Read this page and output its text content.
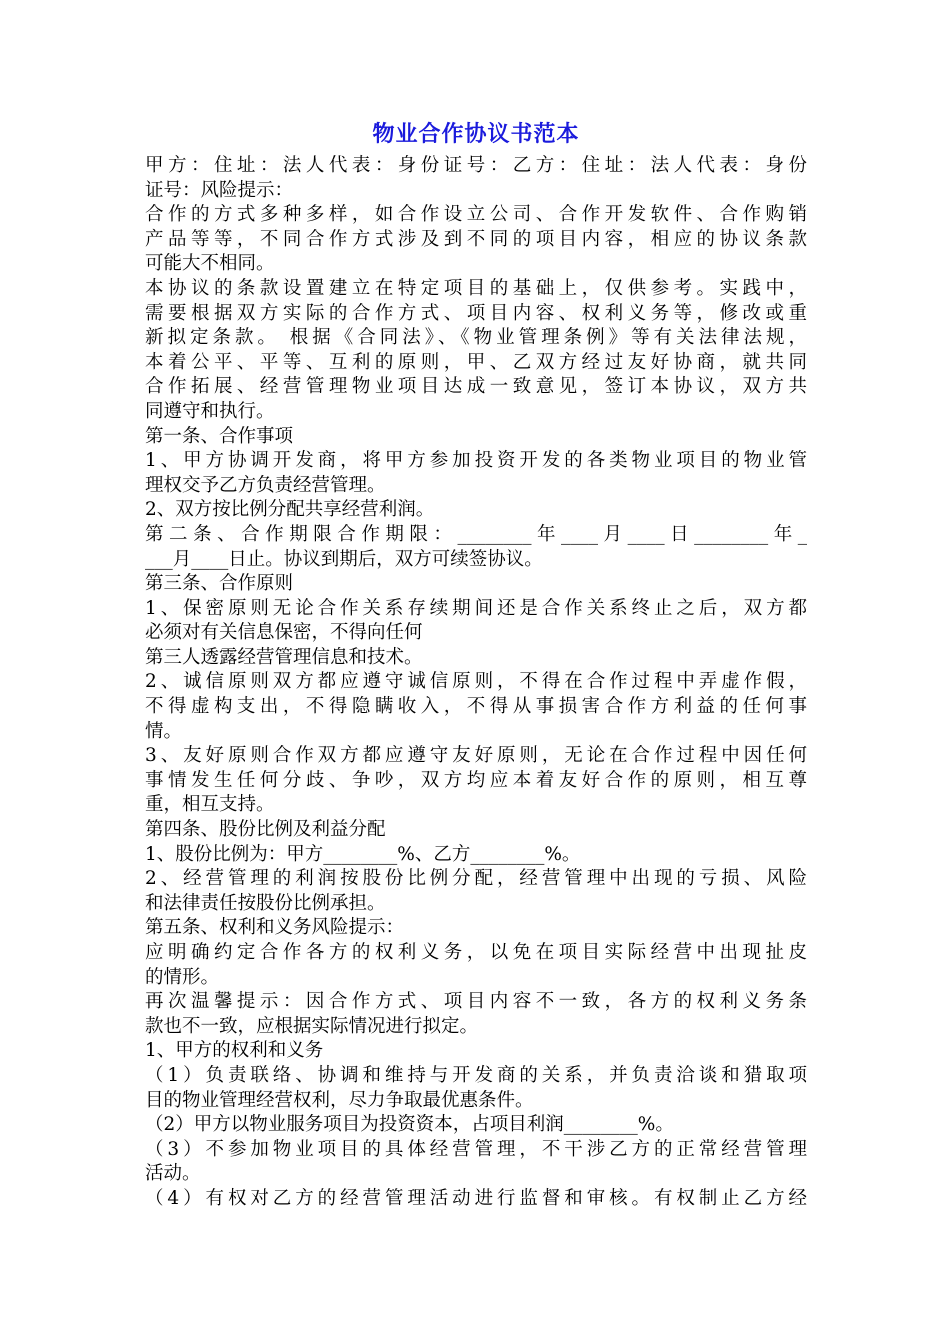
物业合作协议书范本
甲方：住址：法人代表：身份证号：乙方：住址：法人代表：身份
证号：风险提示：
合作的方式多种多样，如合作设立公司、合作开发软件、合作购销
产品等等，不同合作方式涉及到不同的项目内容，相应的协议条款
可能大不相同。
本协议的条款设置建立在特定项目的基础上，仅供参考。实践中，
需要根据双方实际的合作方式、项目内容、权利义务等，修改或重
新拟定条款。 根据《合同法》、《物业管理条例》等有关法律法规，
本着公平、平等、互利的原则，甲、乙双方经过友好协商，就共同
合作拓展、经营管理物业项目达成一致意见，签订本协议，双方共
同遵守和执行。
第一条、合作事项
1、甲方协调开发商，将甲方参加投资开发的各类物业项目的物业管
理权交予乙方负责经营管理。
2、双方按比例分配共享经营利润。
第二条、合作期限合作期限：________年____月____日________年_
___月____日止。协议到期后，双方可续签协议。
第三条、合作原则
1、保密原则无论合作关系存续期间还是合作关系终止之后，双方都
必须对有关信息保密，不得向任何
第三人透露经营管理信息和技术。
2、诚信原则双方都应遵守诚信原则，不得在合作过程中弄虚作假，
不得虚构支出，不得隐瞒收入，不得从事损害合作方利益的任何事
情。
3、友好原则合作双方都应遵守友好原则，无论在合作过程中因任何
事情发生任何分歧、争吵，双方均应本着友好合作的原则，相互尊
重，相互支持。
第四条、股份比例及利益分配
1、股份比例为：甲方________%、乙方________%。
2、经营管理的利润按股份比例分配，经营管理中出现的亏损、风险
和法律责任按股份比例承担。
第五条、权利和义务风险提示：
应明确约定合作各方的权利义务，以免在项目实际经营中出现扯皮
的情形。
再次温馨提示：因合作方式、项目内容不一致，各方的权利义务条
款也不一致，应根据实际情况进行拟定。
1、甲方的权利和义务
（1）负责联络、协调和维持与开发商的关系，并负责洽谈和猎取项
目的物业管理经营权利，尽力争取最优惠条件。
（2）甲方以物业服务项目为投资资本，占项目利润________%。
（3）不参加物业项目的具体经营管理，不干涉乙方的正常经营管理
活动。
（4）有权对乙方的经营管理活动进行监督和审核。有权制止乙方经
